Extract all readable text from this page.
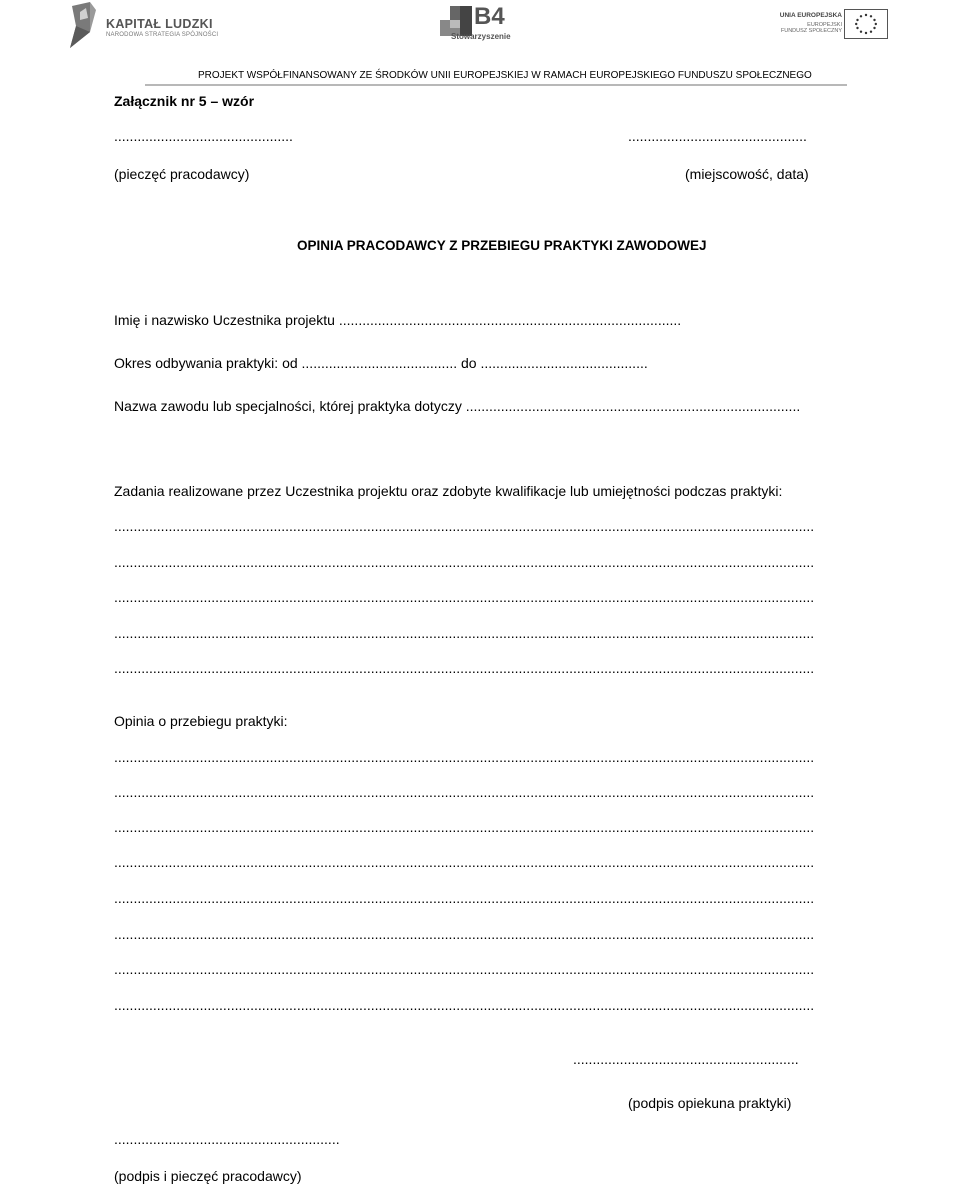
KAPITAŁ LUDZKI
NARODOWA STRATEGIA SPÓJNOŚCI
B4
Stowarzyszenie
UNIA EUROPEJSKA
EUROPEJSKI
FUNDUSZ SPOŁECZNY
PROJEKT WSPÓŁFINANSOWANY ZE ŚRODKÓW UNII EUROPEJSKIEJ W RAMACH EUROPEJSKIEGO FUNDUSZU SPOŁECZNEGO
Załącznik nr 5 – wzór
..............................................	..............................................
(pieczęć pracodawcy)	(miejscowość, data)
OPINIA PRACODAWCY Z PRZEBIEGU PRAKTYKI ZAWODOWEJ
Imię i nazwisko Uczestnika projektu ........................................................................................
Okres odbywania praktyki: od ........................................ do ...........................................
Nazwa zawodu lub specjalności, której praktyka dotyczy ......................................................................................
Zadania realizowane przez Uczestnika projektu oraz zdobyte kwalifikacje lub umiejętności podczas praktyki:
....................................................................................................................................................................................
....................................................................................................................................................................................
....................................................................................................................................................................................
....................................................................................................................................................................................
....................................................................................................................................................................................
Opinia o przebiegu praktyki:
....................................................................................................................................................................................
....................................................................................................................................................................................
....................................................................................................................................................................................
....................................................................................................................................................................................
....................................................................................................................................................................................
....................................................................................................................................................................................
....................................................................................................................................................................................
....................................................................................................................................................................................
..........................................................
(podpis opiekuna praktyki)
..........................................................
(podpis i pieczęć pracodawcy)
